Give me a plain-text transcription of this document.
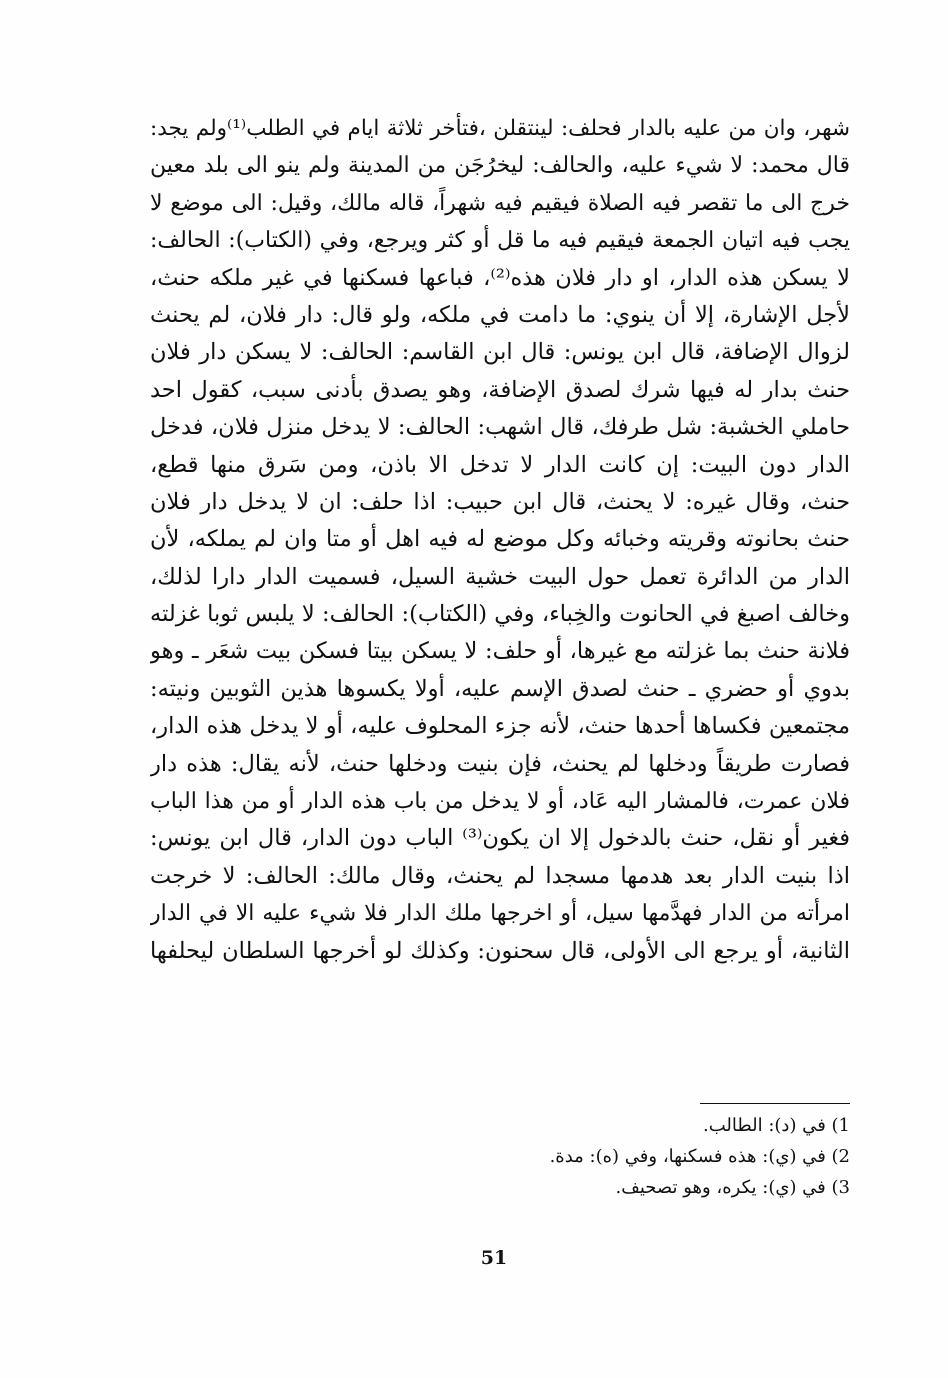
شهر، وان من عليه بالدار فحلف: لينتقلن ،فتأخر ثلاثة ايام في الطلب⁽¹⁾ولم يجد:
قال محمد: لا شيء عليه، والحالف: ليخرُجَن من المدينة ولم ينو الى بلد معين
خرج الى ما تقصر فيه الصلاة فيقيم فيه شهراً، قاله مالك، وقيل: الى موضع لا
يجب فيه اتيان الجمعة فيقيم فيه ما قل أو كثر ويرجع، وفي (الكتاب): الحالف:
لا يسكن هذه الدار، او دار فلان هذه⁽²⁾، فباعها فسكنها في غير ملكه حنث،
لأجل الإشارة، إلا أن ينوي: ما دامت في ملكه، ولو قال: دار فلان، لم يحنث
لزوال الإضافة، قال ابن يونس: قال ابن القاسم: الحالف: لا يسكن دار فلان
حنث بدار له فيها شرك لصدق الإضافة، وهو يصدق بأدنى سبب، كقول احد
حاملي الخشبة: شل طرفك، قال اشهب: الحالف: لا يدخل منزل فلان، فدخل
الدار دون البيت: إن كانت الدار لا تدخل الا باذن، ومن سَرق منها قطع،
حنث، وقال غيره: لا يحنث، قال ابن حبيب: اذا حلف: ان لا يدخل دار فلان
حنث بحانوته وقريته وخبائه وكل موضع له فيه اهل أو متا وان لم يملكه، لأن
الدار من الدائرة تعمل حول البيت خشية السيل، فسميت الدار دارا لذلك،
وخالف اصبغ في الحانوت والخِباء، وفي (الكتاب): الحالف: لا يلبس ثوبا غزلته
فلانة حنث بما غزلته مع غيرها، أو حلف: لا يسكن بيتا فسكن بيت شعَر ـ وهو
بدوي أو حضري ـ حنث لصدق الإسم عليه، أولا يكسوها هذين الثوبين ونيته:
مجتمعين فكساها أحدها حنث، لأنه جزء المحلوف عليه، أو لا يدخل هذه الدار،
فصارت طريقاً ودخلها لم يحنث، فإن بنيت ودخلها حنث، لأنه يقال: هذه دار
فلان عمرت، فالمشار اليه عَاد، أو لا يدخل من باب هذه الدار أو من هذا الباب
فغير أو نقل، حنث بالدخول إلا ان يكون⁽³⁾ الباب دون الدار، قال ابن يونس:
اذا بنيت الدار بعد هدمها مسجدا لم يحنث، وقال مالك: الحالف: لا خرجت
امرأته من الدار فهدَّمها سيل، أو اخرجها ملك الدار فلا شيء عليه الا في الدار
الثانية، أو يرجع الى الأولى، قال سحنون: وكذلك لو أخرجها السلطان ليحلفها
1) في (د): الطالب.
2) في (ي): هذه فسكنها، وفي (ه): مدة.
3) في (ي): يكره، وهو تصحيف.
51
